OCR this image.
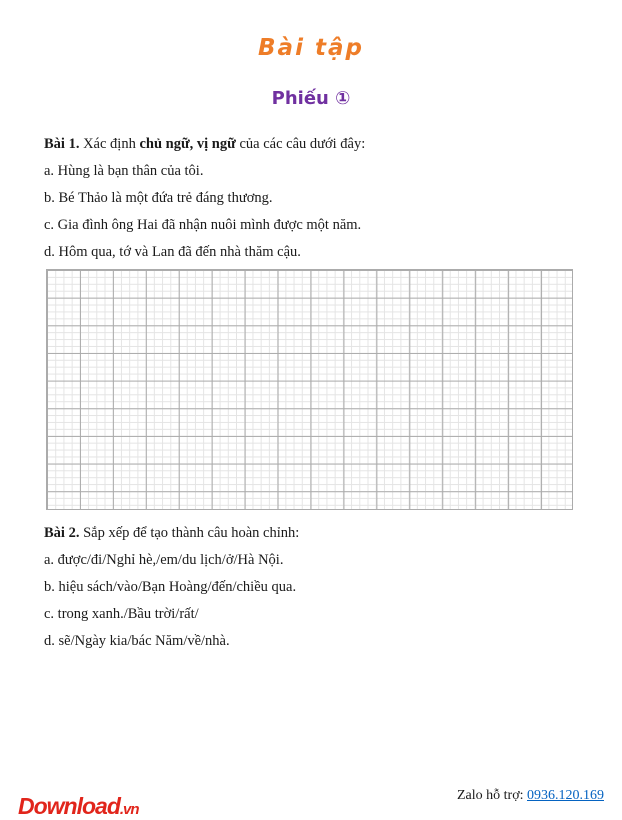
Bài tập
Phiếu ①

Bài 1. Xác định chủ ngữ, vị ngữ của các câu dưới đây:

a. Hùng là bạn thân của tôi.

b. Bé Thảo là một đứa trẻ đáng thương.

c. Gia đình ông Hai đã nhận nuôi mình được một năm.

d. Hôm qua, tớ và Lan đã đến nhà thăm cậu.

Bài 2. Sắp xếp để tạo thành câu hoàn chỉnh:

a. được/đi/Nghỉ hè,/em/du lịch/ở/Hà Nội.

b. hiệu sách/vào/Bạn Hoàng/đến/chiều qua.

c. trong xanh./Bầu trời/rất/

d. sẽ/Ngày kia/bác Năm/về/nhà.

Download.vn
Zalo hỗ trợ: 0936.120.169
